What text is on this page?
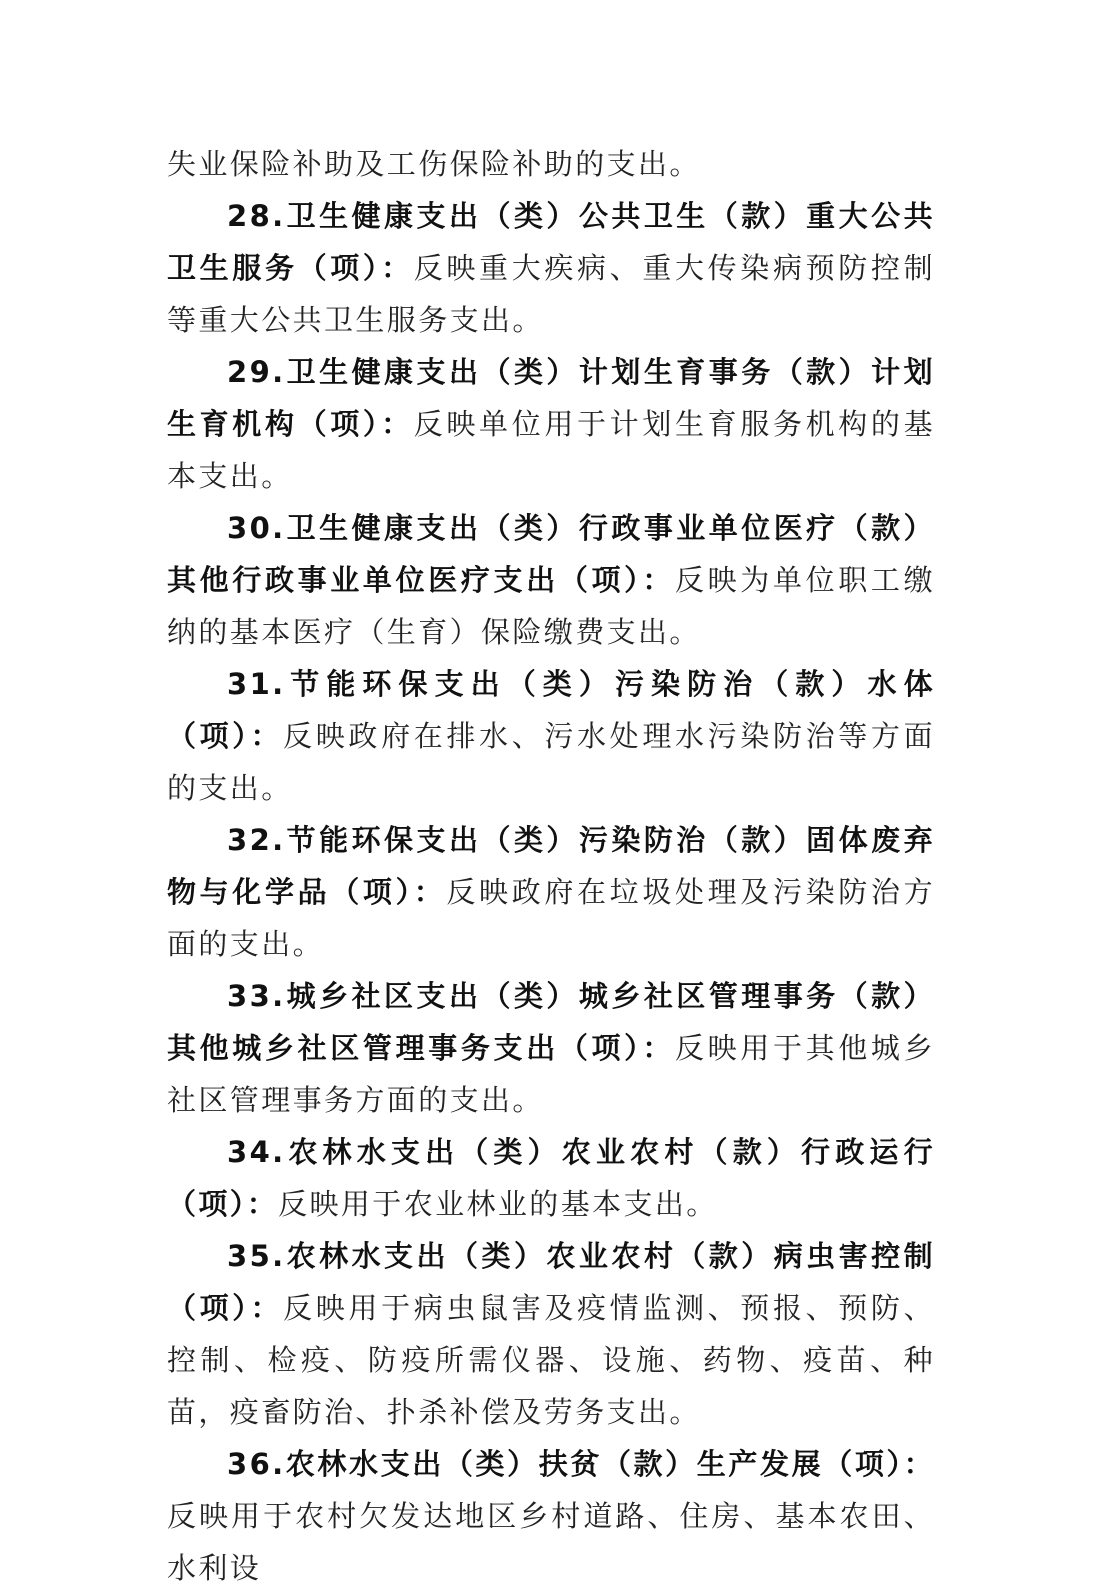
失业保险补助及工伤保险补助的支出。

28.卫生健康支出（类）公共卫生（款）重大公共卫生服务（项）：反映重大疾病、重大传染病预防控制等重大公共卫生服务支出。

29.卫生健康支出（类）计划生育事务（款）计划生育机构（项）：反映单位用于计划生育服务机构的基本支出。

30.卫生健康支出（类）行政事业单位医疗（款）其他行政事业单位医疗支出（项）：反映为单位职工缴纳的基本医疗（生育）保险缴费支出。

31.节能环保支出（类）污染防治（款）水体（项）：反映政府在排水、污水处理水污染防治等方面的支出。

32.节能环保支出（类）污染防治（款）固体废弃物与化学品（项）：反映政府在垃圾处理及污染防治方面的支出。

33.城乡社区支出（类）城乡社区管理事务（款）其他城乡社区管理事务支出（项）：反映用于其他城乡社区管理事务方面的支出。

34.农林水支出（类）农业农村（款）行政运行（项）：反映用于农业林业的基本支出。

35.农林水支出（类）农业农村（款）病虫害控制（项）：反映用于病虫鼠害及疫情监测、预报、预防、控制、检疫、防疫所需仪器、设施、药物、疫苗、种苗，疫畜防治、扑杀补偿及劳务支出。

36.农林水支出（类）扶贫（款）生产发展（项）：反映用于农村欠发达地区乡村道路、住房、基本农田、水利设
